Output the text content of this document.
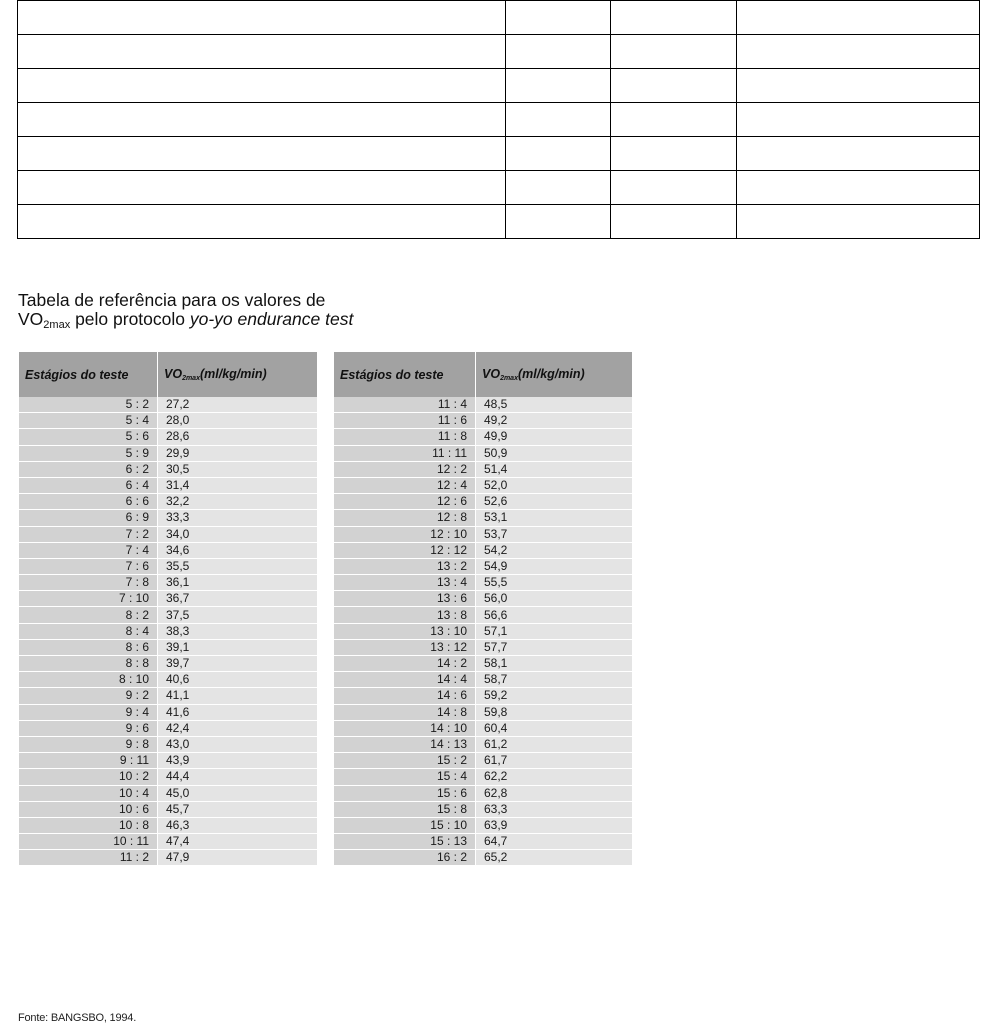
Tabela de referência para os valores de
$VO_{2max}$ pelo protocolo yo-yo endurance test
Estágios do teste	$VO_{2max}(ml/kg/\min)$
5 : 2	27,2
5 : 4	28,0
5 : 6	28,6
5 : 9	29,9
6 : 2	30,5
6 : 4	31,4
6 : 6	32,2
6 : 9	33,3
7 : 2	34,0
7 : 4	34,6
7 : 6	35,5
7 : 8	36,1
7 : 10	36,7
8 : 2	37,5
8 : 4	38,3
8 : 6	39,1
8 : 8	39,7
8 : 10	40,6
9 : 2	41,1
9 : 4	41,6
9 : 6	42,4
9 : 8	43,0
9 : 11	43,9
10 : 2	44,4
10 : 4	45,0
10 : 6	45,7
10 : 8	46,3
10 : 11	47,4
11 : 2	47,9
Estágios do teste	$VO_{2max}(ml/kg/\min)$
11 : 4	48,5
11 : 6	49,2
11 : 8	49,9
11 : 11	50,9
12 : 2	51,4
12 : 4	52,0
12 : 6	52,6
12 : 8	53,1
12 : 10	53,7
12 : 12	54,2
13 : 2	54,9
13 : 4	55,5
13 : 6	56,0
13 : 8	56,6
13 : 10	57,1
13 : 12	57,7
14 : 2	58,1
14 : 4	58,7
14 : 6	59,2
14 : 8	59,8
14 : 10	60,4
14 : 13	61,2
15 : 2	61,7
15 : 4	62,2
15 : 6	62,8
15 : 8	63,3
15 : 10	63,9
15 : 13	64,7
16 : 2	65,2
Fonte: BANGSBO, 1994.
